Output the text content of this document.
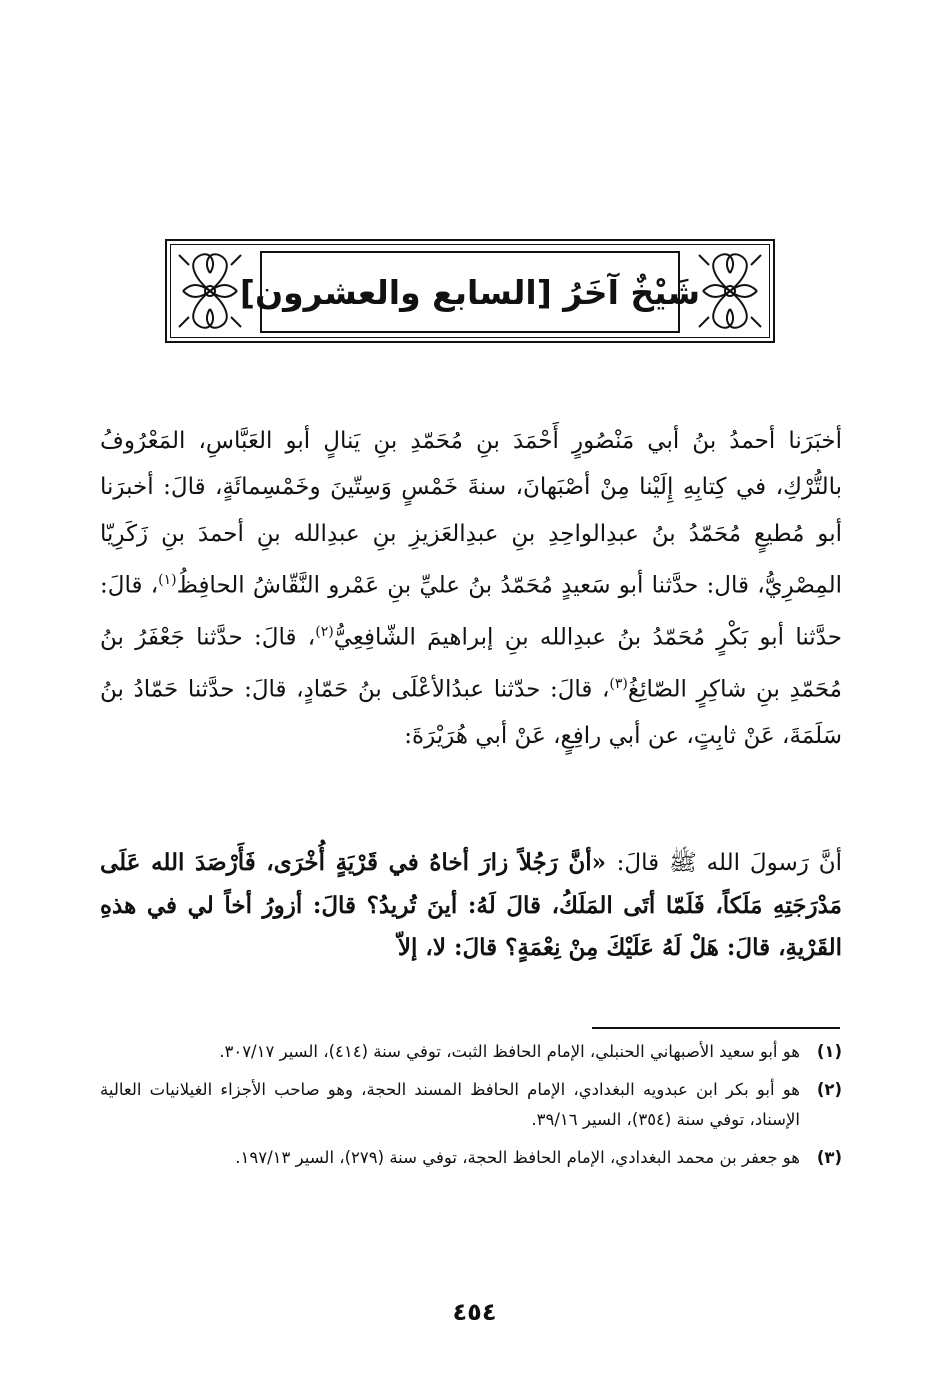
شَيْخٌ آخَرُ [السابع والعشرون]

أخبَرَنا أحمدُ بنُ أبي مَنْصُورٍ أَحْمَدَ بنِ مُحَمّدِ بنِ يَنالٍ أبو العَبَّاسِ، المَعْرُوفُ بالتُّرْكِ، في كِتابِهِ إِلَيْنا مِنْ أصْبَهانَ، سنةَ خَمْسٍ وَسِتّينَ وخَمْسِمائَةٍ، قالَ: أخبرَنا أبو مُطيعٍ مُحَمّدُ بنُ عبدِالواحِدِ بنِ عبدِالعَزيزِ بنِ عبدِالله بنِ أحمدَ بنِ زَكَرِيّا المِصْرِيُّ، قال: حدَّثنا أبو سَعيدٍ مُحَمّدُ بنُ عليِّ بنِ عَمْرو النَّقّاشُ الحافِظُ$^{(١)}$، قالَ: حدَّثنا أبو بَكْرٍ مُحَمّدُ بنُ عبدِالله بنِ إبراهيمَ الشّافِعِيُّ$^{(٢)}$، قالَ: حدَّثنا جَعْفَرُ بنُ مُحَمّدِ بنِ شاكِرٍ الصّائِغُ$^{(٣)}$، قالَ: حدّثنا عبدُالأعْلَى بنُ حَمّادٍ، قالَ: حدَّثنا حَمّادُ بنُ سَلَمَةَ، عَنْ ثابِتٍ، عن أبي رافِعٍ، عَنْ أبي هُرَيْرَةَ:

أنَّ رَسولَ الله ﷺ قالَ: «أنَّ رَجُلاً زارَ أخاهُ في قَرْيَةٍ أُخْرَى، فَأَرْصَدَ الله عَلَى مَدْرَجَتِهِ مَلَكاً، فَلَمّا أتَى المَلَكُ، قالَ لَهُ: أينَ تُريدُ؟ قالَ: أزورُ أخاً لي في هذهِ القَرْيةِ، قالَ: هَلْ لَهُ عَلَيْكَ مِنْ نِعْمَةٍ؟ قالَ: لا، إلاّ

(١)
هو أبو سعيد الأصبهاني الحنبلي، الإمام الحافظ الثبت، توفي سنة (٤١٤)، السير ٣٠٧/١٧.
(٢)
هو أبو بكر ابن عبدويه البغدادي، الإمام الحافظ المسند الحجة، وهو صاحب الأجزاء الغيلانيات العالية الإسناد، توفي سنة (٣٥٤)، السير ٣٩/١٦.
(٣)
هو جعفر بن محمد البغدادي، الإمام الحافظ الحجة، توفي سنة (٢٧٩)، السير ١٩٧/١٣.
٤٥٤
